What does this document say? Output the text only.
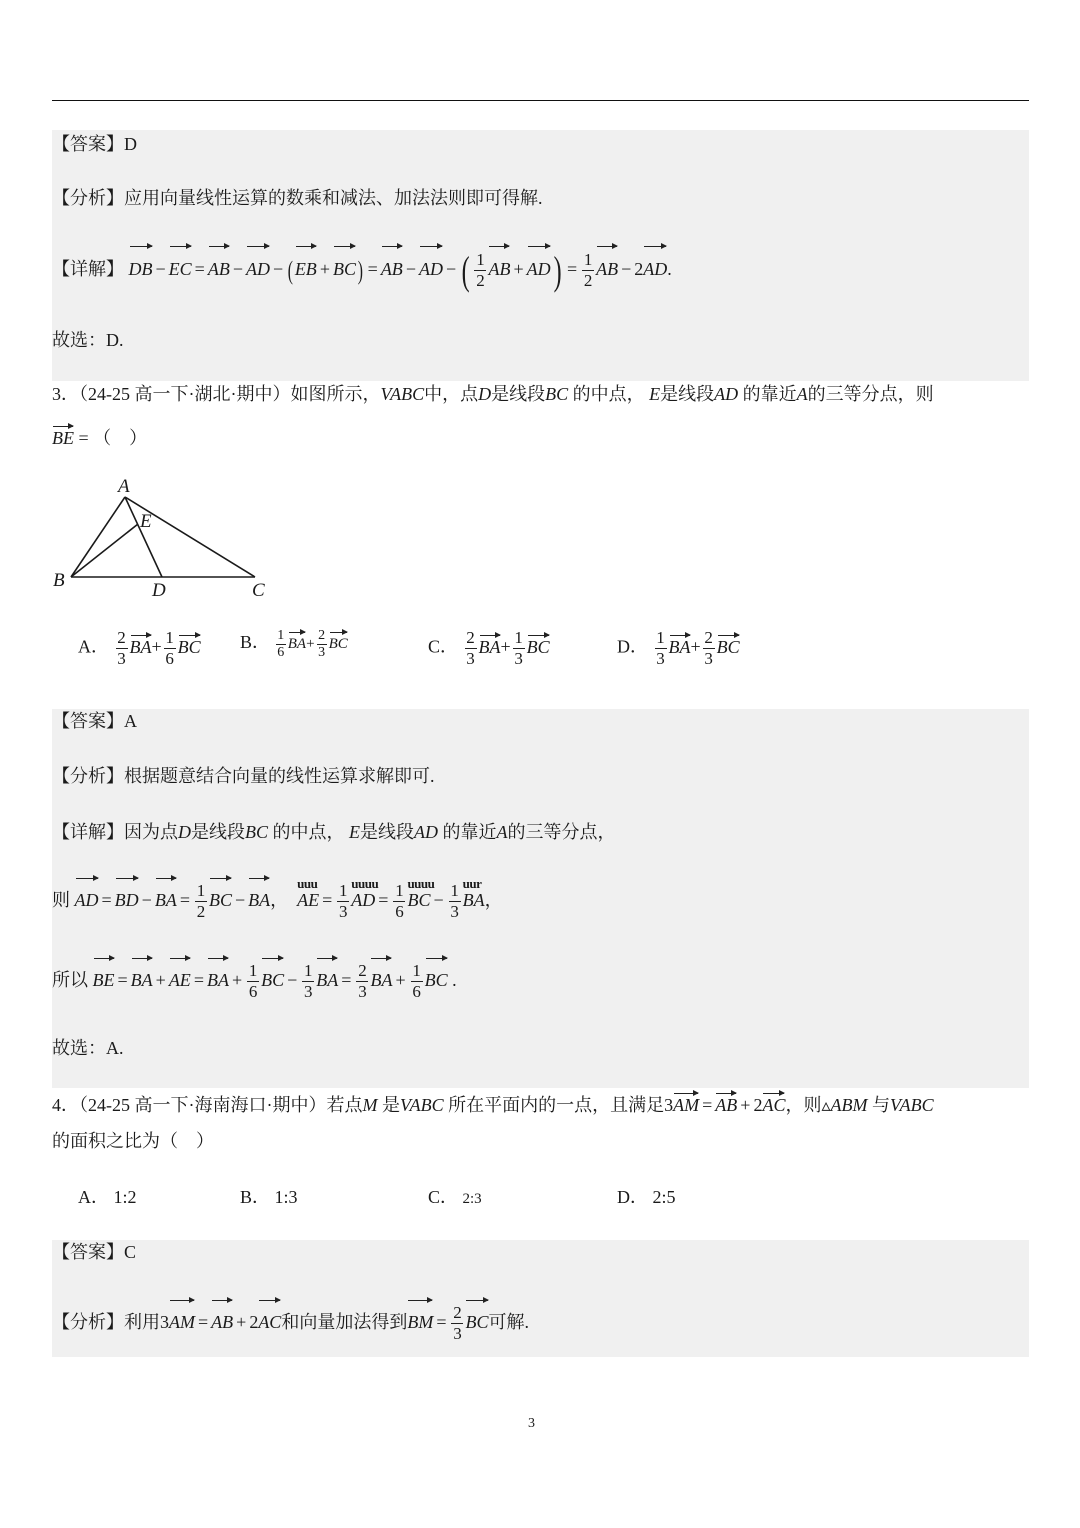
【答案】D
【分析】应用向量线性运算的数乘和减法、加法法则即可得解.
【详解】 DB − EC = AB − AD − (EB + BC) = AB − AD − ( $\frac{1}{2}$ AB + $AD) = \frac{1}{2}$ AB − 2AD.
故选：D.
3．（24-25 高一下·湖北·期中）如图所示，VABC中，点D是线段BC 的中点， E是线段AD 的靠近A的三等分点，则
BE = （　）
A
E
B	D	C
A． $\frac{2}{3} BA+ \frac{1}{6}$ BC B． $\frac{1}{6} BA+ \frac{2}{3}$ BC	C． $\frac{2}{3} BA+ \frac{1}{3}$ BC	D． $\frac{1}{3} BA+ \frac{2}{3}$ BC
【答案】A
【分析】根据题意结合向量的线性运算求解即可.
【详解】因为点D是线段BC 的中点， E是线段AD 的靠近A的三等分点，
则 AD = BD − BA = $\frac{1}{2}$ BC − BA，
uuu
AE = $\frac{1}{3}$ uuuu
AD = $\frac{1}{6}$ uuuu
BC − $\frac{1}{3}$ uur
BA，
所以 BE = BA + AE = BA + $\frac{1}{6}$ BC − $\frac{1}{3}$ BA = $\frac{2}{3}$ BA + $\frac{1}{6}$ BC .
故选：A.
4．（24-25 高一下·海南海口·期中）若点M 是VABC 所在平面内的一点，且满足3AM = AB + 2AC，则▵ABM 与VABC
的面积之比为（　）
A． 1:2	B． 1:3	C． 2:3	D． 2:5
【答案】C
【分析】利用3AM = AB + 2AC和向量加法得到BM = $\frac{2}{3}$ BC可解.
3
